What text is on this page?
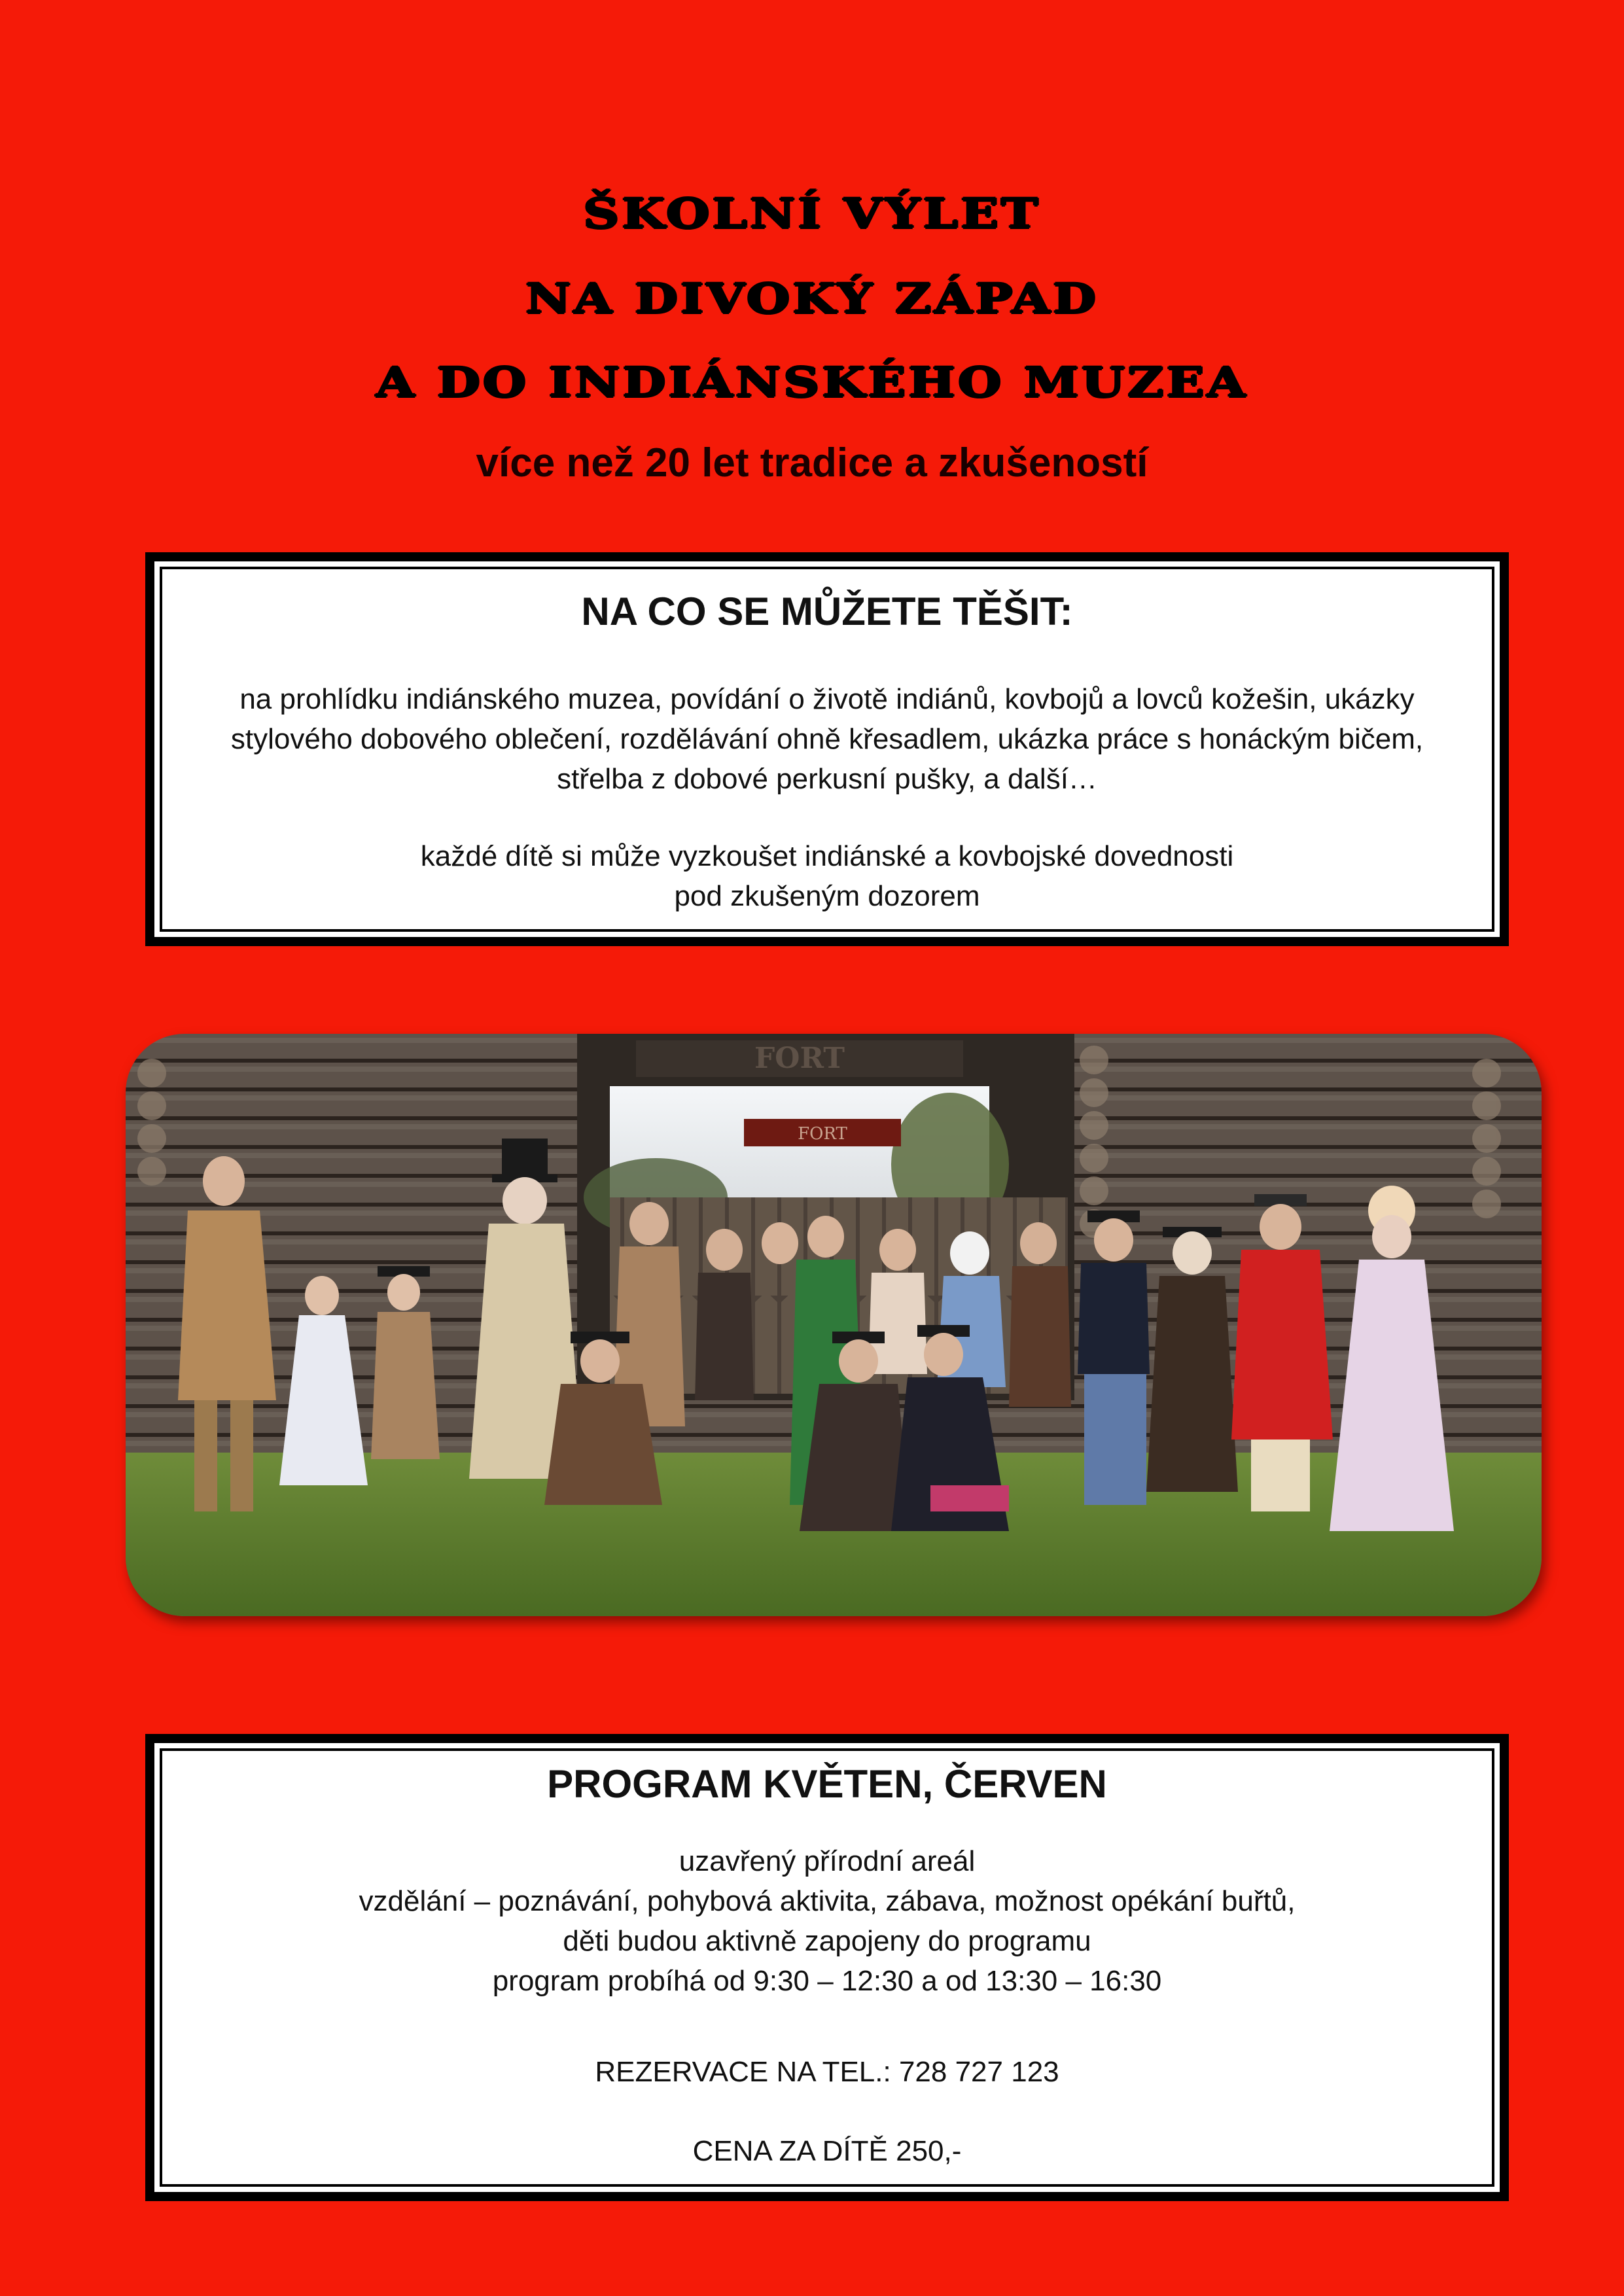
ŠKOLNÍ VÝLET
NA DIVOKÝ ZÁPAD
A DO INDIÁNSKÉHO MUZEA
více než 20 let tradice a zkušeností
NA CO SE MŮŽETE TĚŠIT:
na prohlídku indiánského muzea, povídání o životě indiánů, kovbojů a lovců kožešin, ukázky
stylového dobového oblečení, rozdělávání ohně křesadlem, ukázka práce s honáckým bičem,
střelba z dobové perkusní pušky, a další…
každé dítě si může vyzkoušet indiánské a kovbojské dovednosti
pod zkušeným dozorem
FORT
FORT
PROGRAM KVĚTEN, ČERVEN
uzavřený přírodní areál
vzdělání – poznávání, pohybová aktivita, zábava, možnost opékání buřtů,
děti budou aktivně zapojeny do programu
program probíhá od 9:30 – 12:30 a od 13:30 – 16:30
REZERVACE NA TEL.: 728 727 123
CENA ZA DÍTĚ 250,-
